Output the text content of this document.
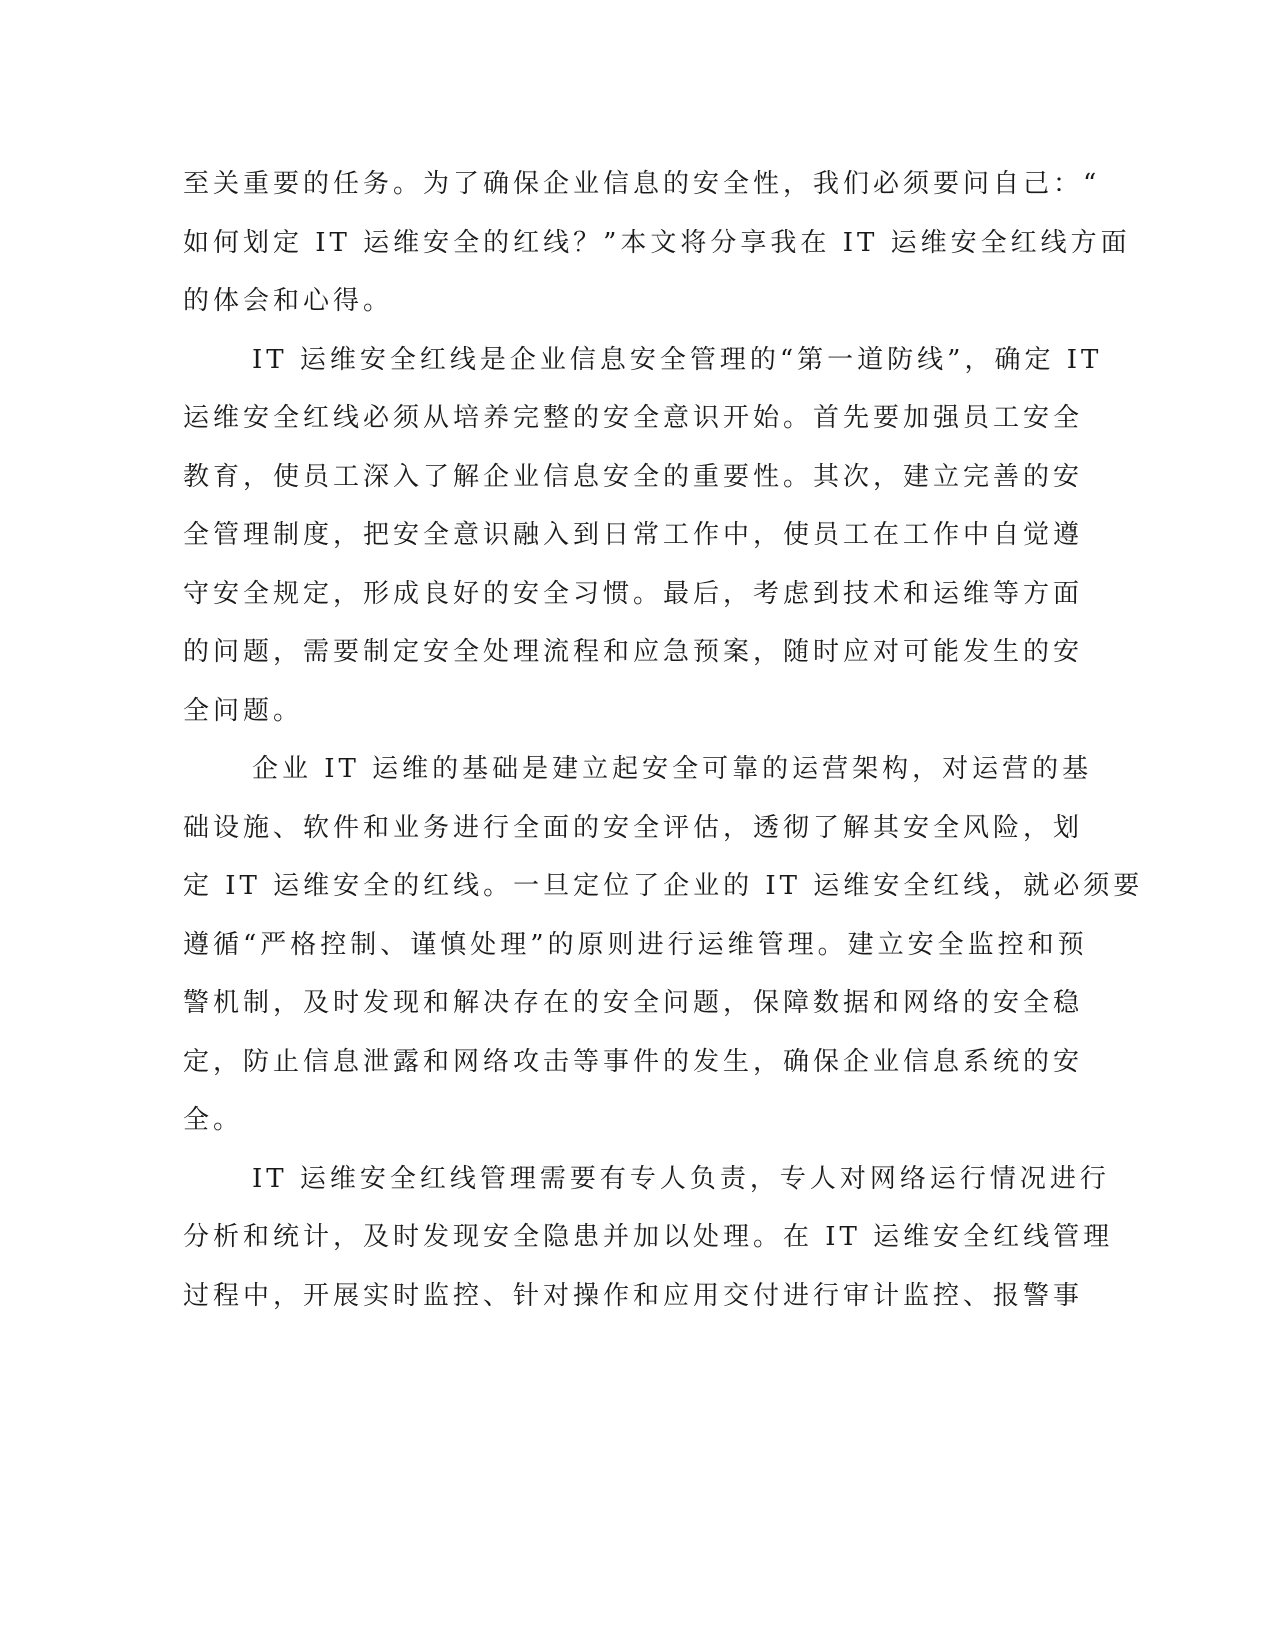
至关重要的任务。为了确保企业信息的安全性，我们必须要问自己：“
如何划定 IT 运维安全的红线？”本文将分享我在 IT 运维安全红线方面
的体会和心得。
IT 运维安全红线是企业信息安全管理的“第一道防线”，确定 IT
运维安全红线必须从培养完整的安全意识开始。首先要加强员工安全
教育，使员工深入了解企业信息安全的重要性。其次，建立完善的安
全管理制度，把安全意识融入到日常工作中，使员工在工作中自觉遵
守安全规定，形成良好的安全习惯。最后，考虑到技术和运维等方面
的问题，需要制定安全处理流程和应急预案，随时应对可能发生的安
全问题。
企业 IT 运维的基础是建立起安全可靠的运营架构，对运营的基
础设施、软件和业务进行全面的安全评估，透彻了解其安全风险，划
定 IT 运维安全的红线。一旦定位了企业的 IT 运维安全红线，就必须要
遵循“严格控制、谨慎处理”的原则进行运维管理。建立安全监控和预
警机制，及时发现和解决存在的安全问题，保障数据和网络的安全稳
定，防止信息泄露和网络攻击等事件的发生，确保企业信息系统的安
全。
IT 运维安全红线管理需要有专人负责，专人对网络运行情况进行
分析和统计，及时发现安全隐患并加以处理。在 IT 运维安全红线管理
过程中，开展实时监控、针对操作和应用交付进行审计监控、报警事
